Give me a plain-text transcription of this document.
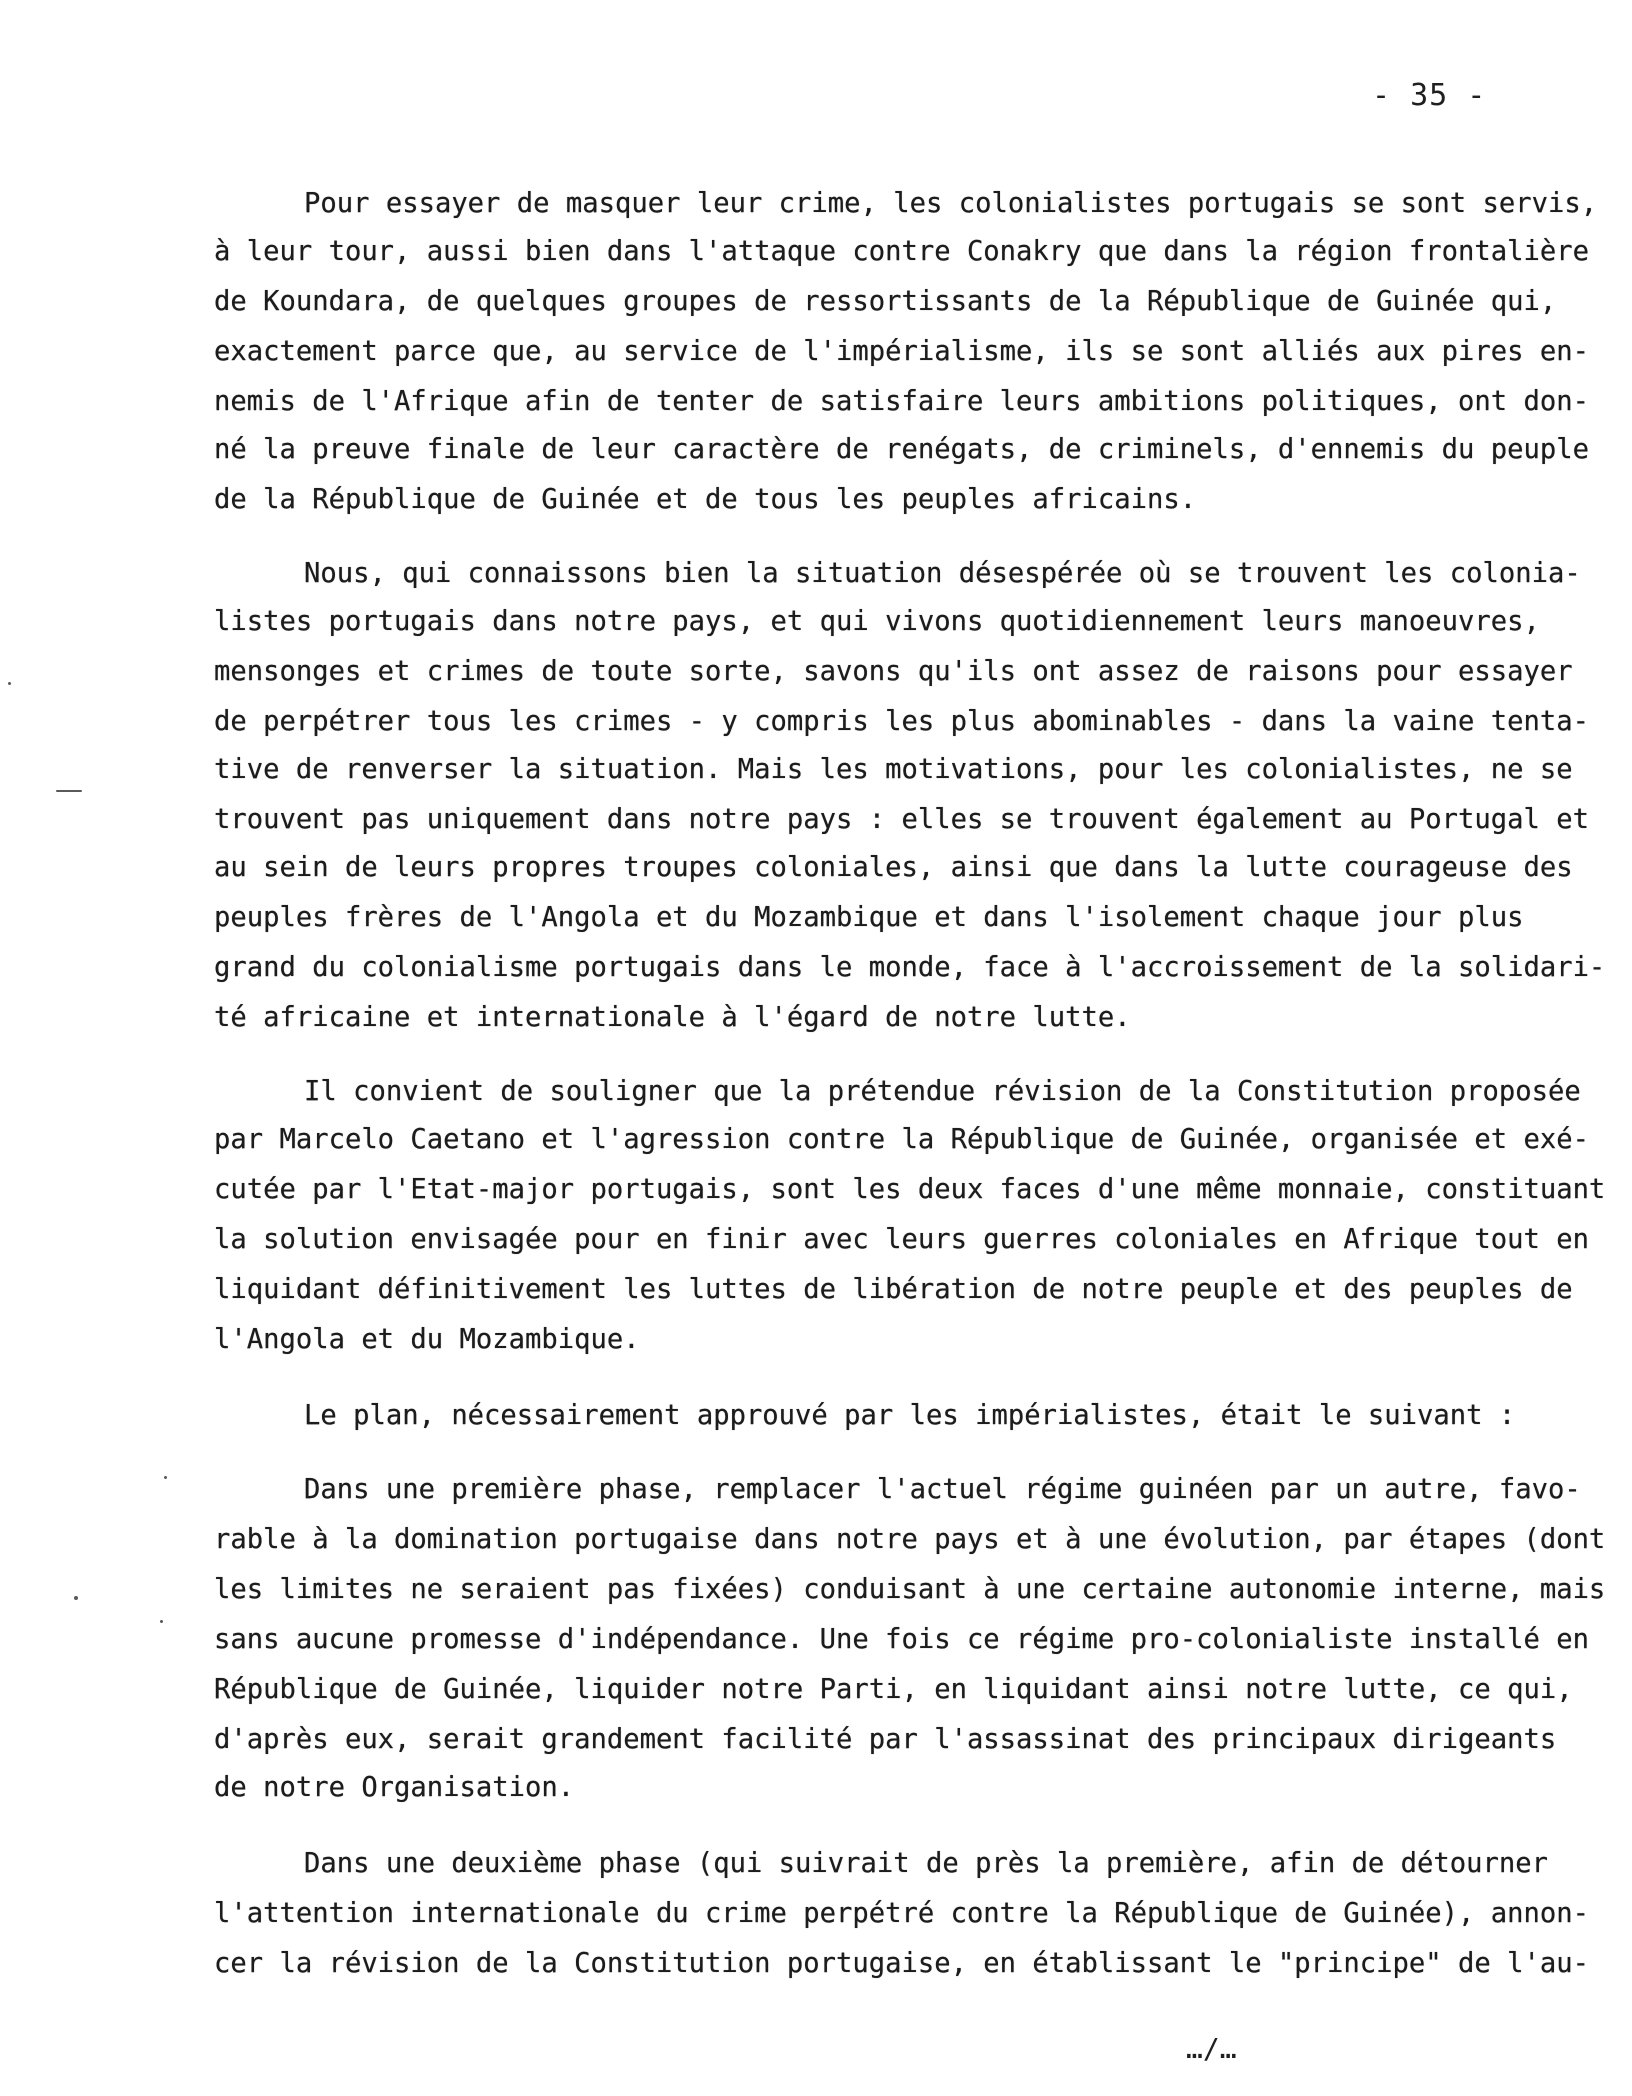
- 35 -
Pour essayer de masquer leur crime, les colonialistes portugais se sont servis,
à leur tour, aussi bien dans l'attaque contre Conakry que dans la région frontalière
de Koundara, de quelques groupes de ressortissants de la République de Guinée qui,
exactement parce que, au service de l'impérialisme, ils se sont alliés aux pires en-
nemis de l'Afrique afin de tenter de satisfaire leurs ambitions politiques, ont don-
né la preuve finale de leur caractère de renégats, de criminels, d'ennemis du peuple
de la République de Guinée et de tous les peuples africains.
Nous, qui connaissons bien la situation désespérée où se trouvent les colonia-
listes portugais dans notre pays, et qui vivons quotidiennement leurs manoeuvres,
mensonges et crimes de toute sorte, savons qu'ils ont assez de raisons pour essayer
de perpétrer tous les crimes - y compris les plus abominables - dans la vaine tenta-
tive de renverser la situation. Mais les motivations, pour les colonialistes, ne se
trouvent pas uniquement dans notre pays : elles se trouvent également au Portugal et
au sein de leurs propres troupes coloniales, ainsi que dans la lutte courageuse des
peuples frères de l'Angola et du Mozambique et dans l'isolement chaque jour plus
grand du colonialisme portugais dans le monde, face à l'accroissement de la solidari-
té africaine et internationale à l'égard de notre lutte.
Il convient de souligner que la prétendue révision de la Constitution proposée
par Marcelo Caetano et l'agression contre la République de Guinée, organisée et exé-
cutée par l'Etat-major portugais, sont les deux faces d'une même monnaie, constituant
la solution envisagée pour en finir avec leurs guerres coloniales en Afrique tout en
liquidant définitivement les luttes de libération de notre peuple et des peuples de
l'Angola et du Mozambique.
Le plan, nécessairement approuvé par les impérialistes, était le suivant :
Dans une première phase, remplacer l'actuel régime guinéen par un autre, favo-
rable à la domination portugaise dans notre pays et à une évolution, par étapes (dont
les limites ne seraient pas fixées) conduisant à une certaine autonomie interne, mais
sans aucune promesse d'indépendance. Une fois ce régime pro-colonialiste installé en
République de Guinée, liquider notre Parti, en liquidant ainsi notre lutte, ce qui,
d'après eux, serait grandement facilité par l'assassinat des principaux dirigeants
de notre Organisation.
Dans une deuxième phase (qui suivrait de près la première, afin de détourner
l'attention internationale du crime perpétré contre la République de Guinée), annon-
cer la révision de la Constitution portugaise, en établissant le "principe" de l'au-
…/…
